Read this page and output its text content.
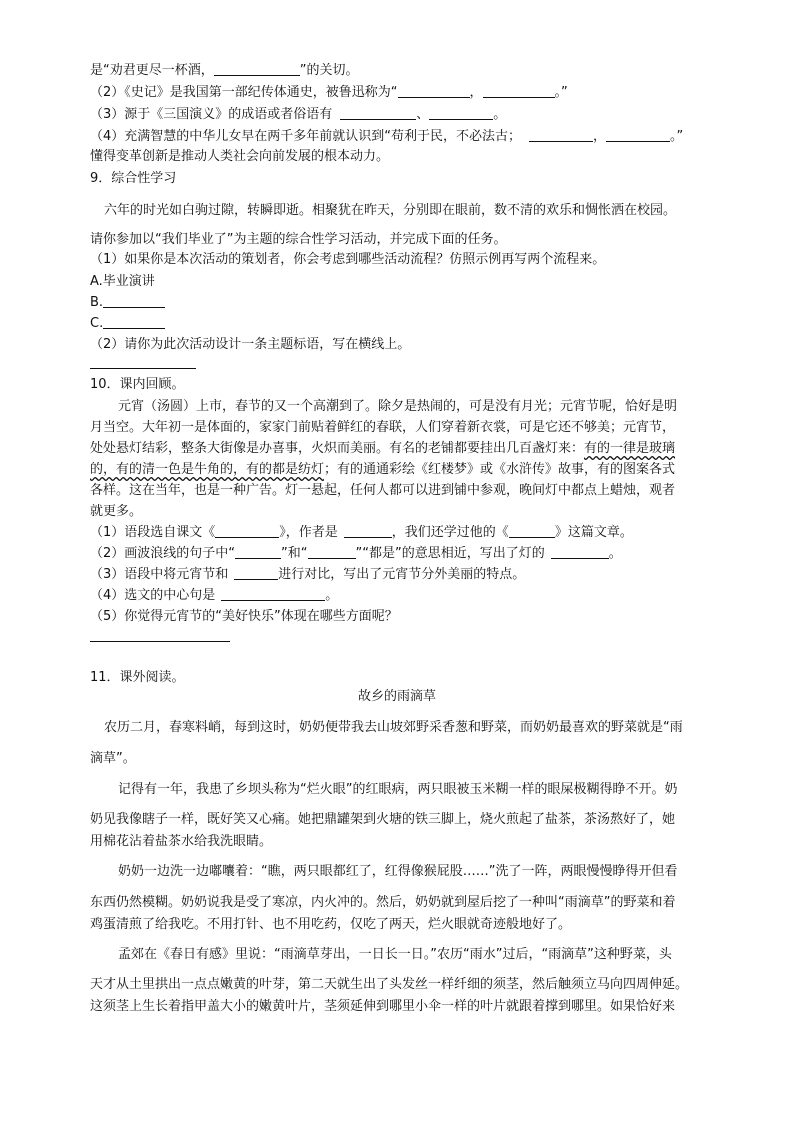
是“劝君更尽一杯酒，	”的关切。
（2）《史记》是我国第一部纪传体通史，被鲁迅称为“	，	。”
（3）源于《三国演义》的成语或者俗语有	、	。
（4）充满智慧的中华儿女早在两千多年前就认识到“苟利于民，不必法古；	，	。”
懂得变革创新是推动人类社会向前发展的根本动力。
9．综合性学习
六年的时光如白驹过隙，转瞬即逝。相聚犹在昨天，分别即在眼前，数不清的欢乐和惆怅洒在校园。
请你参加以“我们毕业了”为主题的综合性学习活动，并完成下面的任务。
（1）如果你是本次活动的策划者，你会考虑到哪些活动流程？仿照示例再写两个流程来。
A.毕业演讲
B.
C.
（2）请你为此次活动设计一条主题标语，写在横线上。
10．课内回顾。
元宵（汤圆）上市，春节的又一个高潮到了。除夕是热闹的，可是没有月光；元宵节呢，恰好是明
月当空。大年初一是体面的，家家门前贴着鲜红的春联，人们穿着新衣裳，可是它还不够美；元宵节，
处处悬灯结彩，整条大街像是办喜事，火炽而美丽。有名的老铺都要挂出几百盏灯来：有的一律是玻璃
的，有的清一色是牛角的，有的都是纺灯；有的通通彩绘《红楼梦》或《水浒传》故事，有的图案各式
各样。这在当年，也是一种广告。灯一悬起，任何人都可以进到铺中参观，晚间灯中都点上蜡烛，观者
就更多。
（1）语段选自课文《	》，作者是	，我们还学过他的《	》这篇文章。
（2）画波浪线的句子中“	”和“	”“都是”的意思相近，写出了灯的	。
（3）语段中将元宵节和	进行对比，写出了元宵节分外美丽的特点。
（4）选文的中心句是	。
（5）你觉得元宵节的“美好快乐”体现在哪些方面呢？
11．课外阅读。
故乡的雨滴草
农历二月，春寒料峭，每到这时，奶奶便带我去山坡郊野采香葱和野菜，而奶奶最喜欢的野菜就是“雨
滴草”。
记得有一年，我患了乡坝头称为“烂火眼”的红眼病，两只眼被玉米糊一样的眼屎极糊得睁不开。奶
奶见我像瞎子一样，既好笑又心痛。她把鼎罐架到火塘的铁三脚上，烧火煎起了盐茶，茶汤熬好了，她
用棉花沾着盐茶水给我洗眼睛。
奶奶一边洗一边嘟囔着：“瞧，两只眼都红了，红得像猴屁股……”洗了一阵，两眼慢慢睁得开但看
东西仍然模糊。奶奶说我是受了寒凉，内火冲的。然后，奶奶就到屋后挖了一种叫“雨滴草”的野菜和着
鸡蛋清煎了给我吃。不用打针、也不用吃药，仅吃了两天，烂火眼就奇迹般地好了。
孟郊在《春日有感》里说：“雨滴草芽出，一日长一日。”农历“雨水”过后，“雨滴草”这种野菜，头
天才从土里拱出一点点嫩黄的叶芽，第二天就生出了头发丝一样纤细的须茎，然后触须立马向四周伸延。
这须茎上生长着指甲盖大小的嫩黄叶片，茎须延伸到哪里小伞一样的叶片就跟着撑到哪里。如果恰好来
